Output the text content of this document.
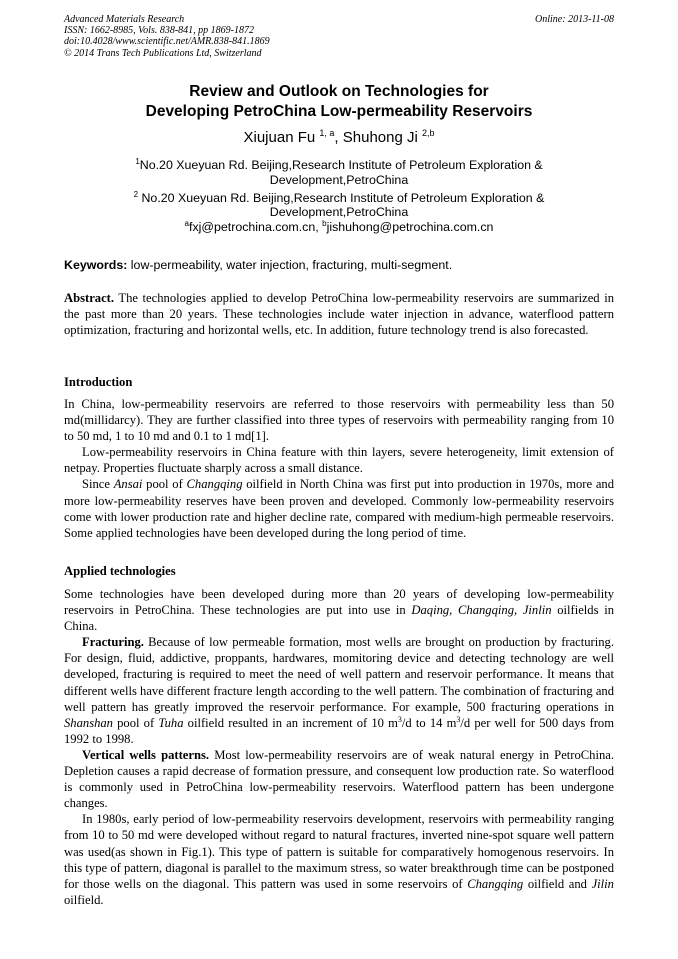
Advanced Materials Research
ISSN: 1662-8985, Vols. 838-841, pp 1869-1872
doi:10.4028/www.scientific.net/AMR.838-841.1869
© 2014 Trans Tech Publications Ltd, Switzerland
Online: 2013-11-08
Review and Outlook on Technologies for
Developing PetroChina Low-permeability Reservoirs
Xiujuan Fu $^{1, a}$, Shuhong Ji $^{2,b}$
$^1$No.20 Xueyuan Rd. Beijing,Research Institute of Petroleum Exploration &
Development,PetroChina
$^2$ No.20 Xueyuan Rd. Beijing,Research Institute of Petroleum Exploration &
Development,PetroChina
$^a$fxj@petrochina.com.cn, $^b$jishuhong@petrochina.com.cn
Keywords: low-permeability, water injection, fracturing, multi-segment.

Abstract. The technologies applied to develop PetroChina low-permeability reservoirs are summarized in the past more than 20 years. These technologies include water injection in advance, waterflood pattern optimization, fracturing and horizontal wells, etc. In addition, future technology trend is also forecasted.

Introduction

In China, low-permeability reservoirs are referred to those reservoirs with permeability less than 50 md(millidarcy). They are further classified into three types of reservoirs with permeability ranging from 10 to 50 md, 1 to 10 md and 0.1 to 1 md[1].

Low-permeability reservoirs in China feature with thin layers, severe heterogeneity, limit extension of netpay. Properties fluctuate sharply across a small distance.

Since Ansai pool of Changqing oilfield in North China was first put into production in 1970s, more and more low-permeability reserves have been proven and developed. Commonly low-permeability reservoirs come with lower production rate and higher decline rate, compared with medium-high permeable reservoirs. Some applied technologies have been developed during the long period of time.

Applied technologies

Some technologies have been developed during more than 20 years of developing low-permeability reservoirs in PetroChina. These technologies are put into use in Daqing, Changqing, Jinlin oilfields in China.

Fracturing. Because of low permeable formation, most wells are brought on production by fracturing. For design, fluid, addictive, proppants, hardwares, momitoring device and detecting technology are well developed, fracturing is required to meet the need of well pattern and reservoir performance. It means that different wells have different fracture length according to the well pattern. The combination of fracturing and well pattern has greatly improved the reservoir performance. For example, 500 fracturing operations in Shanshan pool of Tuha oilfield resulted in an increment of 10 $m^3/d$ to 14 $m^3/d$ per well for 500 days from 1992 to 1998.

Vertical wells patterns. Most low-permeability reservoirs are of weak natural energy in PetroChina. Depletion causes a rapid decrease of formation pressure, and consequent low production rate. So waterflood is commonly used in PetroChina low-permeability reservoirs. Waterflood pattern has been undergone changes.

In 1980s, early period of low-permeability reservoirs development, reservoirs with permeability ranging from 10 to 50 md were developed without regard to natural fractures, inverted nine-spot square well pattern was used(as shown in Fig.1). This type of pattern is suitable for comparatively homogenous reservoirs. In this type of pattern, diagonal is parallel to the maximum stress, so water breakthrough time can be postponed for those wells on the diagonal. This pattern was used in some reservoirs of Changqing oilfield and Jilin oilfield.
